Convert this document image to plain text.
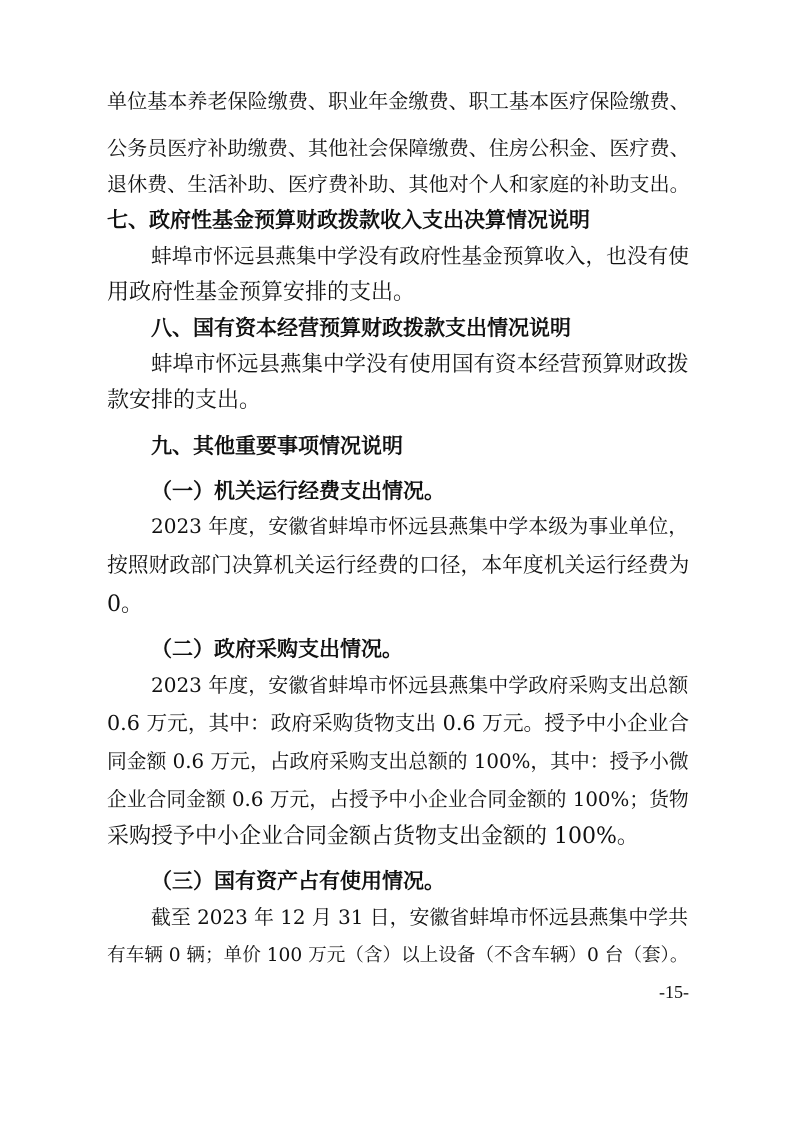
单位基本养老保险缴费、职业年金缴费、职工基本医疗保险缴费、
公务员医疗补助缴费、其他社会保障缴费、住房公积金、医疗费、
退休费、生活补助、医疗费补助、其他对个人和家庭的补助支出。
七、政府性基金预算财政拨款收入支出决算情况说明
蚌埠市怀远县燕集中学没有政府性基金预算收入，也没有使
用政府性基金预算安排的支出。
八、国有资本经营预算财政拨款支出情况说明
蚌埠市怀远县燕集中学没有使用国有资本经营预算财政拨
款安排的支出。
九、其他重要事项情况说明
（一）机关运行经费支出情况。
2023 年度，安徽省蚌埠市怀远县燕集中学本级为事业单位，
按照财政部门决算机关运行经费的口径，本年度机关运行经费为
0。
（二）政府采购支出情况。
2023 年度，安徽省蚌埠市怀远县燕集中学政府采购支出总额
0.6 万元，其中：政府采购货物支出 0.6 万元。授予中小企业合
同金额 0.6 万元，占政府采购支出总额的 100%，其中：授予小微
企业合同金额 0.6 万元，占授予中小企业合同金额的 100%；货物
采购授予中小企业合同金额占货物支出金额的 100%。
（三）国有资产占有使用情况。
截至 2023 年 12 月 31 日，安徽省蚌埠市怀远县燕集中学共
有车辆 0 辆；单价 100 万元（含）以上设备（不含车辆）0 台（套）。
-15-
